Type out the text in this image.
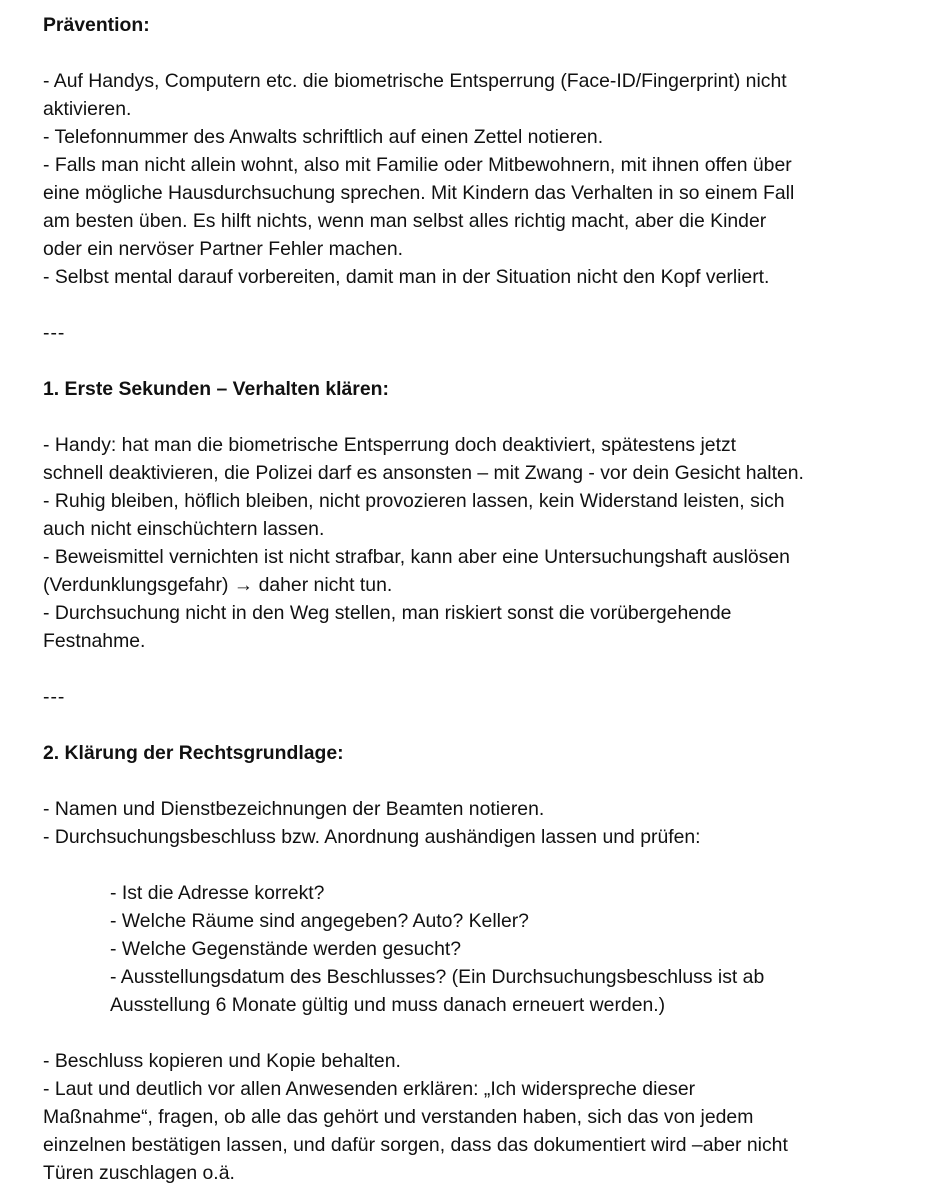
Prävention:
- Auf Handys, Computern etc. die biometrische Entsperrung (Face-ID/Fingerprint) nicht
aktivieren.
- Telefonnummer des Anwalts schriftlich auf einen Zettel notieren.
- Falls man nicht allein wohnt, also mit Familie oder Mitbewohnern, mit ihnen offen über
eine mögliche Hausdurchsuchung sprechen. Mit Kindern das Verhalten in so einem Fall
am besten üben. Es hilft nichts, wenn man selbst alles richtig macht, aber die Kinder
oder ein nervöser Partner Fehler machen.
- Selbst mental darauf vorbereiten, damit man in der Situation nicht den Kopf verliert.
---
1. Erste Sekunden – Verhalten klären:
- Handy: hat man die biometrische Entsperrung doch deaktiviert, spätestens jetzt
schnell deaktivieren, die Polizei darf es ansonsten – mit Zwang - vor dein Gesicht halten.
- Ruhig bleiben, höflich bleiben, nicht provozieren lassen, kein Widerstand leisten, sich
auch nicht einschüchtern lassen.
- Beweismittel vernichten ist nicht strafbar, kann aber eine Untersuchungshaft auslösen
(Verdunklungsgefahr) → daher nicht tun.
- Durchsuchung nicht in den Weg stellen, man riskiert sonst die vorübergehende
Festnahme.
---
2. Klärung der Rechtsgrundlage:
- Namen und Dienstbezeichnungen der Beamten notieren.
- Durchsuchungsbeschluss bzw. Anordnung aushändigen lassen und prüfen:
- Ist die Adresse korrekt?
- Welche Räume sind angegeben? Auto? Keller?
- Welche Gegenstände werden gesucht?
- Ausstellungsdatum des Beschlusses? (Ein Durchsuchungsbeschluss ist ab
Ausstellung 6 Monate gültig und muss danach erneuert werden.)
- Beschluss kopieren und Kopie behalten.
- Laut und deutlich vor allen Anwesenden erklären: „Ich widerspreche dieser
Maßnahme“, fragen, ob alle das gehört und verstanden haben, sich das von jedem
einzelnen bestätigen lassen, und dafür sorgen, dass das dokumentiert wird –aber nicht
Türen zuschlagen o.ä.
